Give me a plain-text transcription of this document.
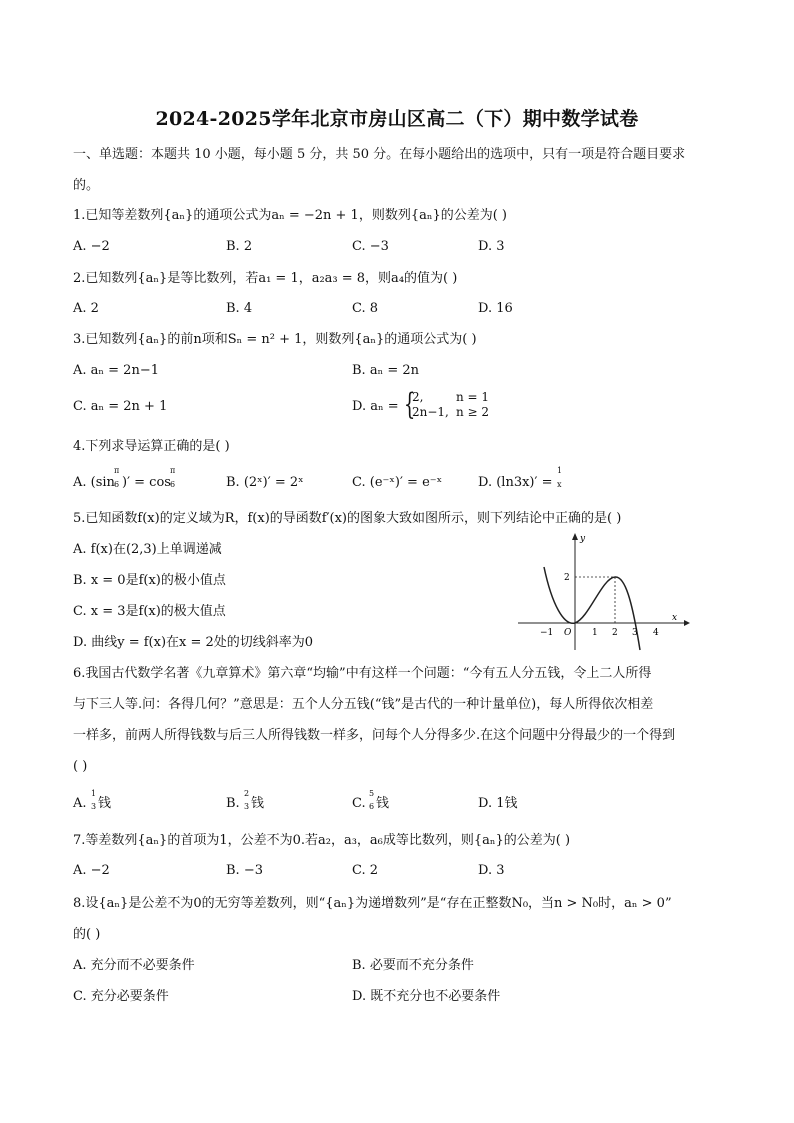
2024-2025学年北京市房山区高二（下）期中数学试卷
一、单选题：本题共 10 小题，每小题 5 分，共 50 分。在每小题给出的选项中，只有一项是符合题目要求
的。
1.已知等差数列{aₙ}的通项公式为aₙ = −2n + 1，则数列{aₙ}的公差为( )
A. −2	B. 2	C. −3	D. 3
2.已知数列{aₙ}是等比数列，若a₁ = 1，a₂a₃ = 8，则a₄的值为( )
A. 2	B. 4	C. 8	D. 16
3.已知数列{aₙ}的前n项和Sₙ = n² + 1，则数列{aₙ}的通项公式为( )
A. aₙ = 2n−1	B. aₙ = 2n
C. aₙ = 2n + 1	D. aₙ = {
2,	n = 1
2n−1, n ≥ 2
4.下列求导运算正确的是( )
A. (sin
π
6 )′ = cos
π
6	B. (2ˣ)′ = 2ˣ	C. (e⁻ˣ)′ = e⁻ˣ	D. (ln3x)′ =
1
x
5.已知函数f(x)的定义域为R，f(x)的导函数f′(x)的图象大致如图所示，则下列结论中正确的是( )
A. f(x)在(2,3)上单调递减
B. x = 0是f(x)的极小值点
C. x = 3是f(x)的极大值点
D. 曲线y = f(x)在x = 2处的切线斜率为0
y
x
O
−1	1 2 3 4
2
6.我国古代数学名著《九章算术》第六章“均输”中有这样一个问题：“今有五人分五钱，令上二人所得
与下三人等.问：各得几何？”意思是：五个人分五钱(“钱”是古代的一种计量单位)，每人所得依次相差
一样多，前两人所得钱数与后三人所得钱数一样多，问每个人分得多少.在这个问题中分得最少的一个得到
( )
A.
1
3 钱	B.
2
3 钱	C.
5
6 钱	D. 1钱
7.等差数列{aₙ}的首项为1，公差不为0.若a₂，a₃，a₆成等比数列，则{aₙ}的公差为( )
A. −2	B. −3	C. 2	D. 3
8.设{aₙ}是公差不为0的无穷等差数列，则“{aₙ}为递增数列”是“存在正整数N₀，当n > N₀时，aₙ > 0”
的( )
A. 充分而不必要条件	B. 必要而不充分条件
C. 充分必要条件	D. 既不充分也不必要条件
